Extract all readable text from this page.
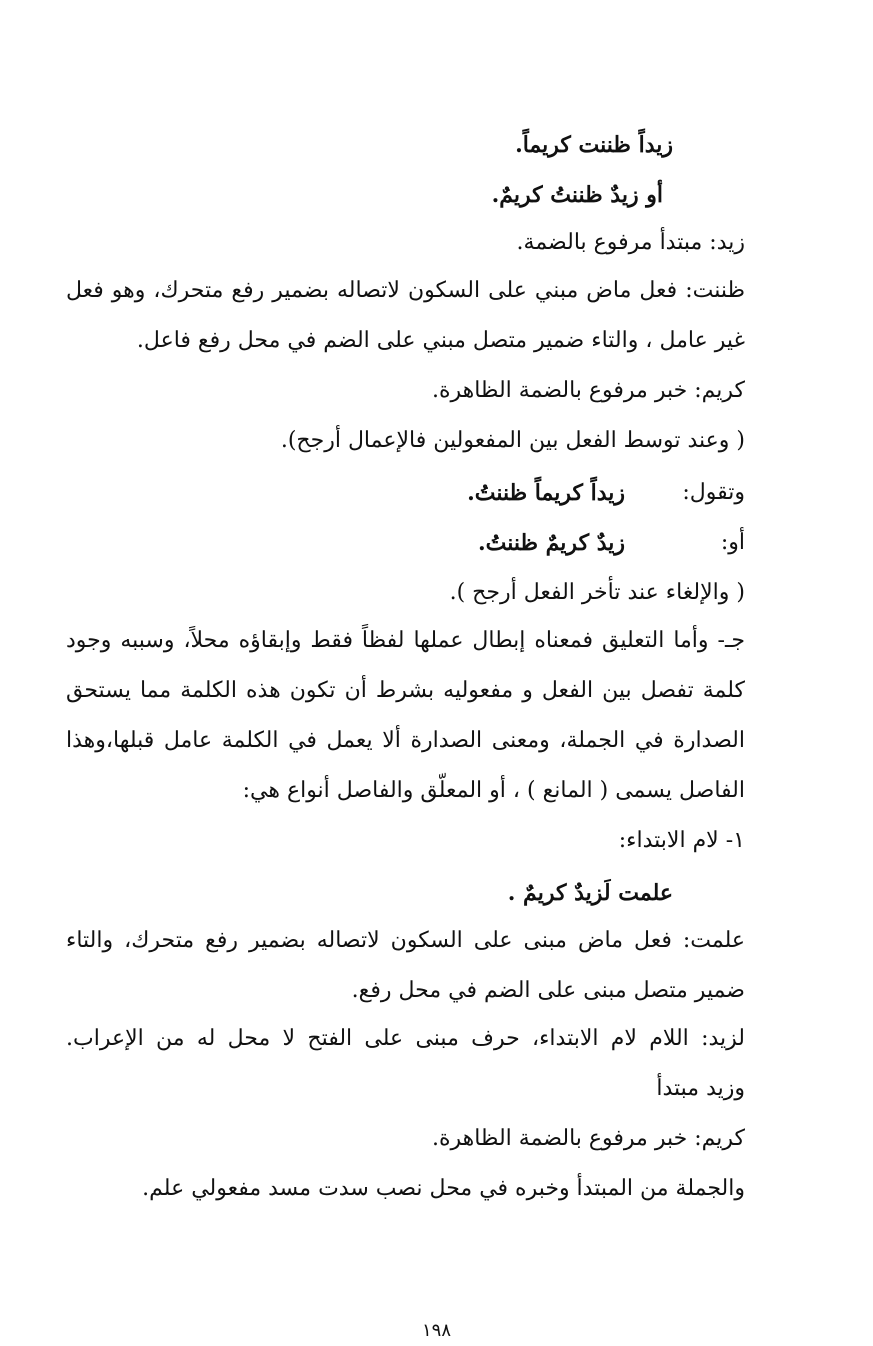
زيداً ظننت كريماً.
أو زيدٌ ظننتُ كريمٌ.
زيد: مبتدأ مرفوع بالضمة.
ظننت: فعل ماض مبني على السكون لاتصاله بضمير رفع متحرك، وهو فعل
غير عامل ، والتاء ضمير متصل مبني على الضم في محل رفع فاعل.
كريم: خبر مرفوع بالضمة الظاهرة.
( وعند توسط الفعل بين المفعولين فالإعمال أرجح).
وتقول:
زيداً كريماً ظننتُ.
أو:
زيدٌ كريمٌ ظننتُ.
( والإلغاء عند تأخر الفعل أرجح ).
جـ- وأما التعليق فمعناه إبطال عملها لفظاً فقط وإبقاؤه محلاً، وسببه وجود
كلمة تفصل بين الفعل و مفعوليه بشرط أن تكون هذه الكلمة مما يستحق
الصدارة في الجملة، ومعنى الصدارة ألا يعمل في الكلمة عامل قبلها،وهذا
الفاصل يسمى ( المانع ) ، أو المعلّق والفاصل أنواع هي:
١- لام الابتداء:
علمت لَزيدٌ كريمٌ .
علمت: فعل ماض مبنى على السكون لاتصاله بضمير رفع متحرك، والتاء
ضمير متصل مبنى على الضم في محل رفع.
لزيد: اللام لام الابتداء، حرف مبنى على الفتح لا محل له من الإعراب.
وزيد مبتدأ
كريم: خبر مرفوع بالضمة الظاهرة.
والجملة من المبتدأ وخبره في محل نصب سدت مسد مفعولي علم.
١٩٨
